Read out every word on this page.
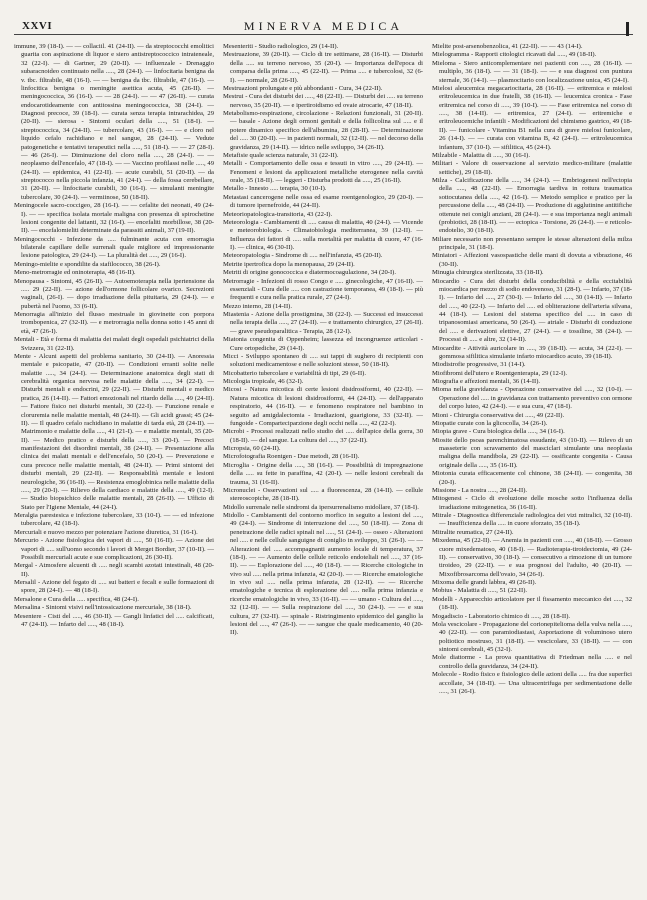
XXVI	MINERVA MEDICA

immune, 39 (18-I). — — collaciil. 41 (24-II). — da streptococchi emolitici guarita con aspirazione di liquor e siero antistreptococcico intrateneale, 32 (22-I). — di Gartner, 29 (20-II). — influenzale - Drenaggio subaracnoideo continuato nella ....., 28 (24-I). — linfocitaria benigna da v. tbc. filtrabile, 48 (16-I). — — benigna da tbc. filtrabile, 47 (16-I). — linfocitica benigna o meningite asettica acuta, 45 (26-II). — meningococcica, 36 (16-I). — — 28 (24-I). — — 47 (26-II). — curata endocarotideamente con antitossina meningococcica, 38 (24-I). — Diagnosi precoce, 39 (18-I). — curata senza terapia intrarachidea, 29 (20-II). — sierosa - Sintomi oculari della ....., 51 (18-I). — streptococcica, 34 (24-II). — tubercolare, 43 (16-I). — — e cloro nel liquido cefalo rachidiano e nel sangue, 28 (24-II). — Vedute patogenetiche e tentativi terapeutici nella ....., 51 (18-I). — — 27 (28-I). — 46 (26-I). — Diminuzione del cloro nella ....., 28 (24-I). — — neoplasmo dell'encefalo, 47 (18-I). — — Vaccino profilassi nelle ....., 49 (24-II). — epidemica, 41 (22-II). — acute curabili, 51 (20-II). — da streptococco nella piccola infanzia, 41 (24-I). — della fossa cerebellare, 31 (20-II). — linfocitarie curabili, 30 (16-I). — simulanti meningite tubercolare, 30 (24-I). — vermiinose, 50 (18-II).

Meningocele sacro-coccigeo, 28 (16-I). — — cefalite dei neonati, 49 (24-I). — — specifica isolata mortale maligna con presenza di spirochetine lesioni congenite del lattanti, 32 (16-I). — encefaliti morbillose, 38 (20-II). — encefalomieliti determinate da parassiti animali, 37 (19-II).

Meningococchi - Infezione da ..... fulminante acuta con emorragia bilaterale capillare delle surrenali quale migliore ed impressionante lesione patologica, 29 (24-I). — La pluralità dei ....., 29 (16-I).

Meningo-mielite e spondilite da stafilococco, 38 (26-I).

Meno-metrorragie ed oninoterapia, 48 (16-II).

Menopausa - Sintomi, 45 (26-II). — Autoemoterapia nella ipertensione da ..... 29 (22-II). — azione dell'ormone follicolare ovarico. Secrezioni vaginali, (26-I). — dopo irradiazione della pituitaria, 29 (24-I). — e pubertà nel l'uomo, 33 (6-II).

Menorragia all'inizio del flusso mestruale in giovinette con porpora trombopenica, 27 (32-II). — e metrorragia nella donna sotto i 45 anni di età, 47 (26-I).

Mentali - Età e forma di malattia dei malati degli ospedali psichiatrici della Svizzera, 31 (22-II).

Mente - Alcuni aspetti del problema sanitario, 30 (24-II). — Anoressia mentale e psicopatie, 47 (20-II). — Condizioni erranti solite nelle malattie ....., 34 (24-I). — Determinazione anatomica degli stati di cerebralità organica nervosa nelle malattie della ....., 34 (22-I). — Disturbi mentali e endocrini, 29 (22-II). — Disturbi mentali e medico pratica, 26 (14-II). — Fattori emozionali nel ritardo della ....., 49 (24-II). — Fattore fisico nei disturbi mentali, 30 (22-I). — Funzione renale e cloruremia nelle malattie mentali, 48 (24-II). — Gli acidi grassi; 45 (24-II). — Il quadro cefalo rachidiano in malattie di tarda età, 28 (24-II). — Matrimonio e malattie della ....., 41 (21-I). — e malattie mentali, 35 (20-II). — Medico pratico e disturbi della ....., 33 (20-I). — Precoci manifestazioni dei disordini mentali, 38 (24-II). — Presentazione alla clinica dei malati mentali e dell'encefalo, 50 (20-I). — Prevenzione e cura precoce nelle malattie mentali, 48 (24-II). — Primi sintomi dei disturbi mentali, 29 (22-II). — Responsabilità mentale e lesioni neurologiche, 36 (16-II). — Resistenza emoglobinica nelle malattie della ....., 29 (20-I). — Rilievo della cardiaco e malattie della ....., 49 (12-I). — Studio biopsichico delle malattie mentali, 28 (26-II). — Ufficio di Stato per l'Igiene Mentale, 44 (24-I).

Meralgia parestesica e infezione tubercolare, 33 (10-I). — — ed infezione tubercolare, 42 (18-I).

Mercuriali e nuovo mezzo per potenziare l'azione diuretica, 31 (16-I).

Mercurio - Azione fisiologica dei vapori di ....., 50 (16-II). — Azione dei vapori di ..... sull'uomo secondo i lavori di Merget Bordier, 37 (10-II). — Possibili mercuriali acute e sue complicazioni, 26 (30-II).

Mergal - Atmosfere alcuenti di ..... negli scambi azotati intestinali, 48 (20-II).

Mersalil - Azione del fegato di ..... sui batteri e fecali e sulle formazioni di spore, 28 (24-I). — 48 (18-I).

Mersalone e Cura della ..... specifica, 48 (24-I).

Mersalina - Sintomi visivi nell'intossicazione mercuriale, 38 (18-I).

Mesentere - Cisti del ....., 46 (30-II). — Gangli linfatici del ..... calcificati, 47 (24-II). — Infarto del ....., 48 (18-I).

Mesenteriti - Studio radiologico, 29 (14-II).

Mestruazione, 39 (20-II). — Ciclo di tre settimane, 28 (16-II). — Disturbi della ..... su terreno nervoso, 35 (20-I). — Importanza dell'epoca di comparsa della prima ....., 45 (22-II). — Prima ..... e tubercolosi, 32 (6-I). — normale, 28 (26-II).

Mestruazioni prolungate e più abbondanti - Cura, 34 (22-II).

Mestrui - Cura dei disturbi dei ....., 48 (22-II). — Disturbi dei ..... su terreno nervoso, 35 (20-II). — e ipertiroidismo ed ovaie atrocarie, 47 (18-II).

Metabolismo-respirazione, circolazione - Relazioni funzionali, 31 (20-II). — basale - Azione degli ormoni genitali e della follicolina sul ..... e il potere dinamico specifico dell'albumina, 28 (28-II). — Determinazione del ..... 30 (20-II). — in pazienti normali, 32 (12-II). — nel decorso della gravidanza, 29 (14-II). — idrico nelle sviluppo, 34 (26-II).

Metafisie quale scienza naturale, 31 (22-II).

Metalli - Comportamento delle ossa e tessuti in vitro ....., 29 (24-II). — Fenomeni e lesioni da applicazioni metalliche eterogenee nella cavità orale, 35 (18-II). — leggeri - Disturba prodotti da ....., 25 (16-II).

Metallo - Innesto ..... terapia, 30 (10-I).

Metastasi cancerogene nelle ossa ed esame roentgenologico, 29 (20-I). — di tumore ipernefroide, 44 (24-II).

Meteoriopatologica-transitoria, 43 (22-I).

Meteorologia - Cambiamenti di ..... causa di malattia, 40 (24-I). — Vicende e meteorobiologia. - Climatobiologia mediterranea, 39 (12-II). — Influenza dei fattori di ..... sulla mortalità per malattia di cuore, 47 (16-I). — clinica, 46 (30-II).

Meteoropatologia - Sindrome di ..... nell'infanzia, 45 (20-II).

Metrite ipertrofica dopo la menopausa, 29 (24-II).

Metriti di origine gonococcica e diatermocoagulazione, 34 (20-I).

Metrorragie - Infezioni di rosso Congo e ..... ginecologiche, 47 (16-II). — essenziali - Cura delle ..... con castrazione temporanea, 49 (18-I). — più frequenti e cura nella pratica rurale, 27 (24-I).

Mezzo interno, 28 (14-II).

Miastenia - Azione della prostigmina, 38 (22-I). — Successi ed insuccessi nella terapia della ....., 27 (24-II). — e trattamento chirurgico, 27 (26-II). — grave pseudoparalitica - Terapia, 28 (12-I).

Miatonia congenita di Oppenheim; lassezza ed incongruenze articolari - Cure ortopediche, 29 (14-I).

Micci - Sviluppo spontaneo di ..... sui tappi di sughero di recipienti con soluzioni medicamentose e nelle soluzioni stesse, 50 (18-II).

Micobatterio tubercolare e variabilità di tipi, 29 (6-II).

Micologia tropicale, 46 (32-I).

Micosi - Natura micotica di certe lesioni disidrosiformi, 40 (22-II). — Natura micotica di lesioni disidrosiformi, 44 (24-II). — dell'apparato respiratorio, 44 (16-II). — e fenomeno respiratore nel bambino in seguito ad amigdalectomia - Irradiazioni, guarigione, 33 (32-II). — fungoide - Comparteciparzione degli occhi nella ....., 42 (22-I).

Microbi - Processi realizzati nello studio dei ..... dell'apice della gorra, 30 (18-II). — del sangue. La coltura del ....., 37 (22-II).

Micropsia, 60 (24-II).

Microfotografia Roentgen - Due metodi, 28 (16-II).

Microglia - Origine della ....., 38 (16-I). — Possibilità di impregnazione della ..... su fette in paraffina, 42 (20-I). — nelle lesioni cerebrali da trauma, 31 (16-II).

Micronuclei - Osservazioni sul ..... a fluorescenza, 28 (14-II). — cellule stereoscopiche, 28 (18-II).

Midollo surrenale nelle sindromi da ipersurrenalismo midollare, 37 (18-I).

Midollo - Cambiamenti del contorno morfico in seguito a lesioni del ....., 49 (24-I). — Sindrome di interruzione del ....., 50 (18-II). — Zona di penetrazione delle radici spinali nel ....., 51 (24-I). — osseo - Alterazioni nel ..... e nelle cellule sanguigne di coniglio in sviluppo, 31 (26-I). — — Alterazioni del ..... accompagnanti aumento locale di temperatura, 37 (18-I). — — Aumento delle cellule reticolo endoteliali nel ....., 37 (16-II). — — Esplorazione del ....., 40 (18-I). — — Ricerche citologiche in vivo sul ..... nella prima infanzia, 42 (20-I). — — Ricerche ematologiche in vivo sul ..... nella prima infanzia, 28 (12-II). — — Ricerche ematologiche e tecnica di esplorazione del ..... nella prima infanzia e ricerche ematologiche in vivo, 33 (16-II). — — umano - Cultura del ....., 32 (12-II). — — Sulla respirazione del ....., 30 (24-I). — — e sua cultura, 27 (32-II). — spinale - Ristringimento epidemico del ganglio la lesioni del ....., 47 (26-I). — — sangue che quale medicamento, 40 (20-II).

Mielite post-arsenobenzolica, 41 (22-II). — — 43 (14-I).

Mielogramma - Rapporti citologici ricavati dal ....., 49 (18-II).

Mieloma - Siero anticomplementare nei pazienti con ....., 28 (16-II). — multiplo, 36 (18-I). — — 31 (18-I). — — e sua diagnosi con puntura sternale, 36 (14-I). — plasmocitario con localizzazione unica, 45 (24-I).

Mielosi aleucemica megacariocitaria, 28 (16-II). — eritremica e mielosi eritroleucemica in due fratelli, 38 (16-II). — leucemica cronica - Fase eritremica nel corso di ....., 39 (10-I). — — Fase eritremica nel corso di ....., 38 (14-II). — eritremica, 27 (24-I). — eritremiche e eritroleucemiche infantili - Modificazioni del chimismo gastrico, 49 (18-II). — funicolare - Vitamina B1 nella cura di grave mielosi funicolare, 26 (14-I). — — curata con vitamina B, 42 (24-I). — eritroleucemica infantum, 37 (10-I). — sifilitica, 45 (24-I).

Milzabile - Malattia di ....., 30 (16-I).

Militari - Valore di osservazione al servizio medico-militare (malattie settiche), 29 (18-II).

Milza - Calcificazione della ....., 34 (24-I). — Embriogenesi nell'ectopia della ....., 48 (22-II). — Emorragia tardiva in rottura traumatica sottocutanea della ....., 42 (16-I). — Metodo semplice e pratico per la percussione della ....., 48 (24-II). — Produzione di agglutinine antitifiche ottenute nei conigli anziani, 28 (24-I). — e sua importanza negli animali (probiotici, 28 (18-II). — — ectopica - Torsione, 26 (24-I). — e reticolo-endotelio, 30 (18-II).

Miliare necessario non presentano sempre le stesse alterazioni della milza principale, 31 (18-I).

Miniatori - Affezioni vasospastiche delle mani di dovuta a vibrazione, 46 (30-II).

Minugia chirurgica sterilizzata, 33 (18-II).

Miocardio - Cura dei disturbi della conducibilità e della eccitabilità miocardica per mezzo di sodio endovenoso, 31 (28-I). — Infarto, 37 (18-I). — Infarto del ....., 27 (30-I). — Infarto del ....., 30 (14-II). — Infarto del ....., 40 (22-I). — Infarto del ..... ed obliterazione dell'arteria silvana, 44 (18-I). — Lesioni del sistema specifico del ..... in caso di tripanosomiasi americana, 50 (26-I). — atriale - Disturbi di conduzione del ..... e derivazioni elettive, 27 (24-I). — e tossiline, 38 (24-I). — Processi di ..... e altre, 32 (14-II).

Miocardite - Attività auricolare in ....., 39 (18-II). — acuta, 34 (22-I). — gommosa sifilitica simulante infarto miocardico acuto, 39 (18-II).

Miodistrofie progressive, 31 (14-I).

Miofibromi dell'utero e Roentgenterapia, 29 (12-I).

Miografia e affezioni mentali, 36 (14-II).

Mioma nella gravidanza - Operazione conservative del ....., 32 (10-I). — Operazione del ..... in gravidanza con trattamento preventivo con ormone del corpo luteo, 42 (24-I). — e sua cura, 47 (18-I).

Mioni - Chirurgia conservativa dei ....., 49 (22-II).

Miopatie curate con la glicocolla, 34 (26-I).

Miopia grave - Cura biologica della ....., 34 (16-I).

Miosite dello psoas parenchimatosa essudante, 43 (10-II). — Rilevo di un masseterie con scravamento del masciclari simulante una neoplasia maligna della mandibola, 29 (22-II). — ossificante congenita - Causa originale della ....., 35 (16-II).

Miotonia curata efficacemente col chinone, 38 (24-II). — congenita, 38 (20-I).

Missione - La nostra ....., 28 (24-II).

Mitogenesi - Ciclo di evoluzione delle mosche sotto l'influenza della irradiazione mitogenetica, 36 (16-II).

Mitrale - Diagnostica differenziale radiologica dei vizi mitralici, 32 (10-II). — Insufficienza della ..... in cuore sforzato, 35 (18-I).

Mitralite reumatica, 27 (24-II).

Mixedema, 45 (22-II). — Anemia in pazienti con ....., 40 (18-II). — Grosso cuore mixedematoso, 40 (18-I). — Radioterapia-tiroidectomia, 49 (24-II). — conservativo, 30 (18-I). — consecutivo a rimozione di un tumore tiroideo, 29 (22-II). — e sua prognosi del l'adulto, 40 (20-II). — Mixofibrosarcoma dell'ovaio, 34 (26-I).

Mixoma delle grandi labbra, 49 (26-II).

Mobius - Malattia di ....., 51 (22-II).

Modelli - Apparecchio articolatore per il fissamento meccanico dei ....., 32 (18-II).

Mogadiscio - Laboratorio chimico di ....., 28 (18-II).

Mola vescicolare - Propagazione del corionepitelioma della vulva nella ....., 40 (22-II). — con paramiodiastasi, Asportazione di voluminoso utero poltiotico mostruso, 31 (18-II). — vescicolare, 33 (18-II). — — con sintomi cerebrali, 45 (32-I).

Mole diattorme - La prova quantitativa di Friedman nella ..... e nel controllo della gravidanza, 34 (24-II).

Molecole - Rodio fisico e fisiologico delle azioni della ..... fra due superfici accollate, 34 (18-II). — Una ultracentrifuga per sedimentazione delle ....., 31 (26-I).
